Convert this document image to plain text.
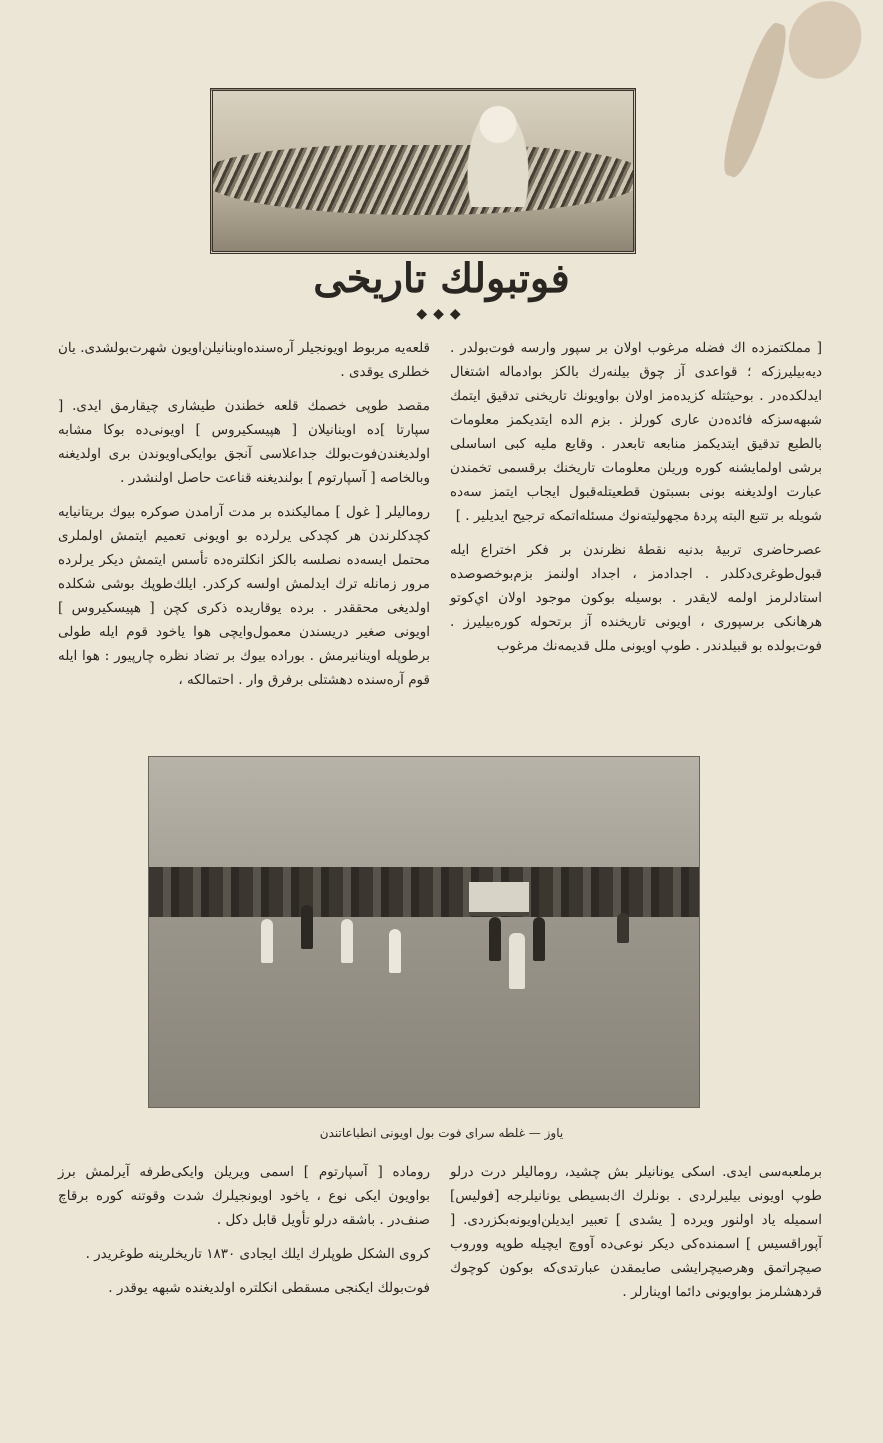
فوتبولك تاريخى
◆◆◆

[ مملكتمزده اك فضله مرغوب اولان بر سپور وارسه فوت‌بولدر . ديه‌بيليرزكه ؛ قواعدى آز چوق بيلنه‌رك بالكز بوادماله اشتغال ايدلكده‌در . بوحيثتله كزيده‌مز اولان بواويونك تاريخنى تدقيق ايتمك شبهه‌سزكه فائده‌دن عارى كورلز . بزم الده ايتديكمز معلومات بالطبع تدقيق ايتديكمز منابعه تابعدر . وقايع مليه كبى اساسلى برشى اولمايشنه كوره وريلن معلومات تاريخنك برقسمى تخمندن عبارت اولديغنه بونى بسبتون قطعيتله‌قبول ايجاب ايتمز سه‌ده شويله بر تتبع البته پردهٔ مجهوليته‌نوك مسئله‌اتمكه ترجيح ايديلير . ]

عصرحاضرى تربيهٔ بدنيه نقطهٔ نظرندن بر فكر اختراع ايله قبول‌طوغرى‌دكلدر . اجدادمز ، اجداد اولنمز بزم‌بوخصوصده استادلرمز اولمه لايقدر . بوسيله بوكون موجود اولان اي‌كوتو هرهانكى برسپورى ، اويونى تاريخنده آز برتحوله كوره‌بيليرز . فوت‌بولده بو قبيلدندر . طوپ اويونى ملل قديمه‌نك مرغوب

قلعه‌يه مربوط اويونجيلر آره‌سنده‌اوبنانيلن‌اويون شهرت‌بولشدى. يان خطلرى يوقدى .

مقصد طوپى خصمك قلعه خطندن طيشارى چيقارمق ايدى. [ سپارتا ]ده اوينانيلان [ هپيسكيروس ] اويونى‌ده بوكا مشابه اولديغندن‌فوت‌بولك جداعلاسى آنجق بوايكى‌اويوندن برى اولديغنه وبالخاصه [ آسپارتوم ] بولنديغنه قناعت حاصل اولنشدر .

روماليلر [ غول ] مماليكنده بر مدت آرامدن صوكره بيوك بريتانيايه كچدكلرندن هر كچدكى يرلرده بو اويونى تعميم ايتمش اولملرى محتمل ايسه‌ده نصلسه بالكز انكلتره‌ده تأسس ايتمش ديكر يرلرده مرور زمانله ترك ايدلمش اولسه كركدر. ايلك‌طوپك بوشى شكلده اولديغى محققدر . برده يوقاريده ذكرى كچن [ هپيسكيروس ] اويونى صغير دريسندن معمول‌وايچى هوا ياخود قوم ايله طولى برطوپله اوينانيرمش . بوراده بيوك بر تضاد نظره چارپيور : هوا ايله قوم آره‌سنده دهشتلى برفرق وار . احتمالكه ،

ياوز — غلطه سراى فوت بول اويونى انطباعاتندن

برملعبه‌سى ايدى. اسكى يونانيلر بش چشيد، روماليلر درت درلو طوپ اويونى بيليرلردى . بونلرك اك‌بسيطى يونانيلرجه [فوليس] اسميله ياد اولنور ويرده [ يشدى ] تعبير ايديلن‌اويونه‌بكزردى. [ آپوراقسيس ] اسمنده‌كى ديكر نوعى‌ده آووچ ايچيله طوپه ووروب صيچراتمق وهرصيچرايشى صايمقدن عبارتدى‌كه بوكون كوچوك قردهشلرمز بواويونى دائما اوينارلر .

روماده [ آسپارتوم ] اسمى ويريلن وايكى‌طرفه آيرلمش برز بواويون ايكى نوع ، ياخود اويونجيلرك شدت وقوتنه كوره برقاچ صنف‌در . باشقه درلو تأويل قابل دكل .

كروى الشكل طوپلرك ايلك ايجادى ١٨٣٠ تاريخلرينه طوغريدر .

فوت‌بولك ايكنجى مسقطى انكلتره اولديغنده شبهه يوقدر .
